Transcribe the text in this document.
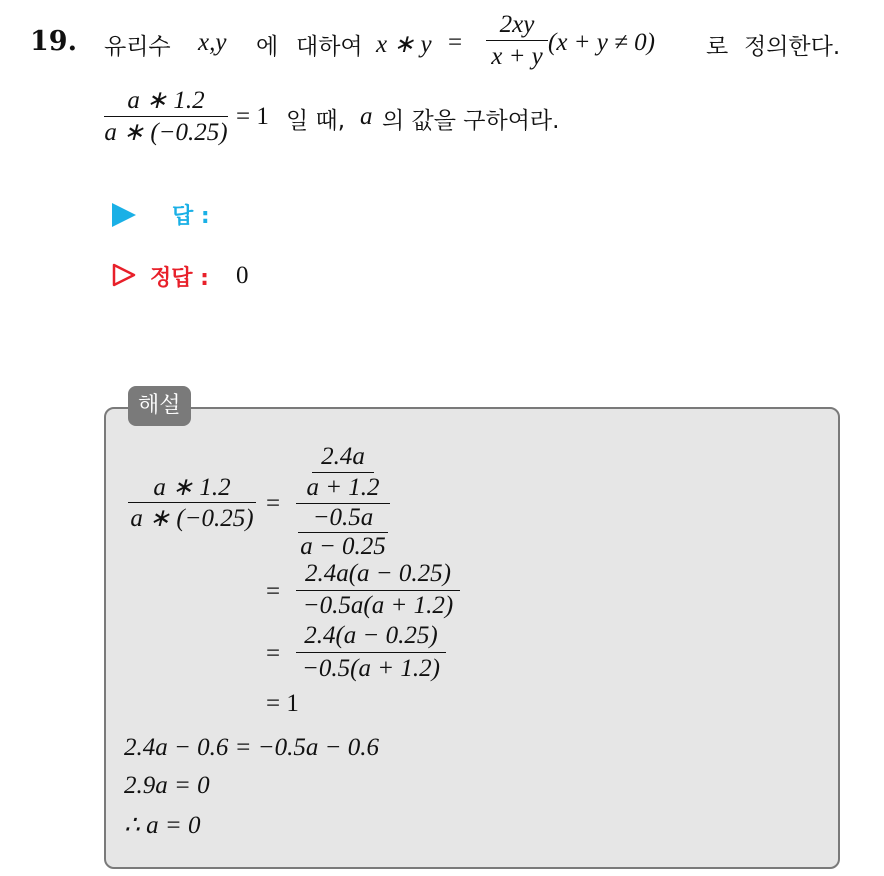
19. 유리수 x,y 에 대하여 x ∗ y =
2xy
x + y
(x + y ≠ 0) 로 정의한다.
a ∗ 1.2
a ∗ (−0.25)
= 1 일 때, a 의 값을 구하여라.
답 :
정답 : 0
해설
a ∗ 1.2
a ∗ (−0.25)
=
2.4a
a + 1.2
−0.5a
a − 0.25
=
2.4a(a − 0.25)
−0.5a(a + 1.2)
=
2.4(a − 0.25)
−0.5(a + 1.2)
= 1
2.4a − 0.6 = −0.5a − 0.6
2.9a = 0
∴ a = 0
